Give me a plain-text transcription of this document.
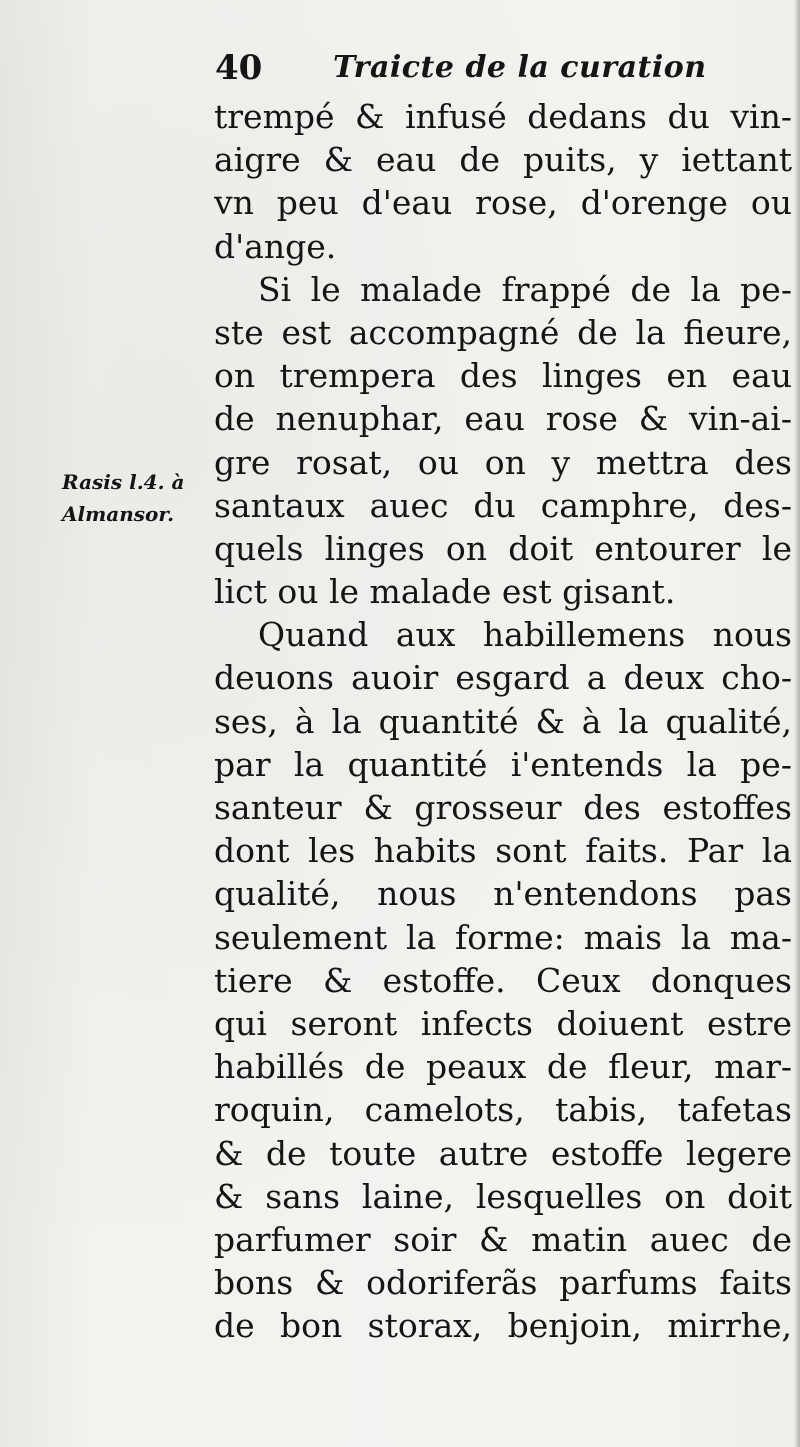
40 Traicte de la curation
Rasis l.4. à
Almansor.
trempé & infusé dedans du vin-
aigre & eau de puits, y iettant
vn peu d'eau rose, d'orenge ou
d'ange.
Si le malade frappé de la pe-
ste est accompagné de la fieure,
on trempera des linges en eau
de nenuphar, eau rose & vin-ai-
gre rosat, ou on y mettra des
santaux auec du camphre, des-
quels linges on doit entourer le
lict ou le malade est gisant.
Quand aux habillemens nous
deuons auoir esgard a deux cho-
ses, à la quantité & à la qualité,
par la quantité i'entends la pe-
santeur & grosseur des estoffes
dont les habits sont faits. Par la
qualité, nous n'entendons pas
seulement la forme: mais la ma-
tiere & estoffe. Ceux donques
qui seront infects doiuent estre
habillés de peaux de fleur, mar-
roquin, camelots, tabis, tafetas
& de toute autre estoffe legere
& sans laine, lesquelles on doit
parfumer soir & matin auec de
bons & odoriferãs parfums faits
de bon storax, benjoin, mirrhe,
